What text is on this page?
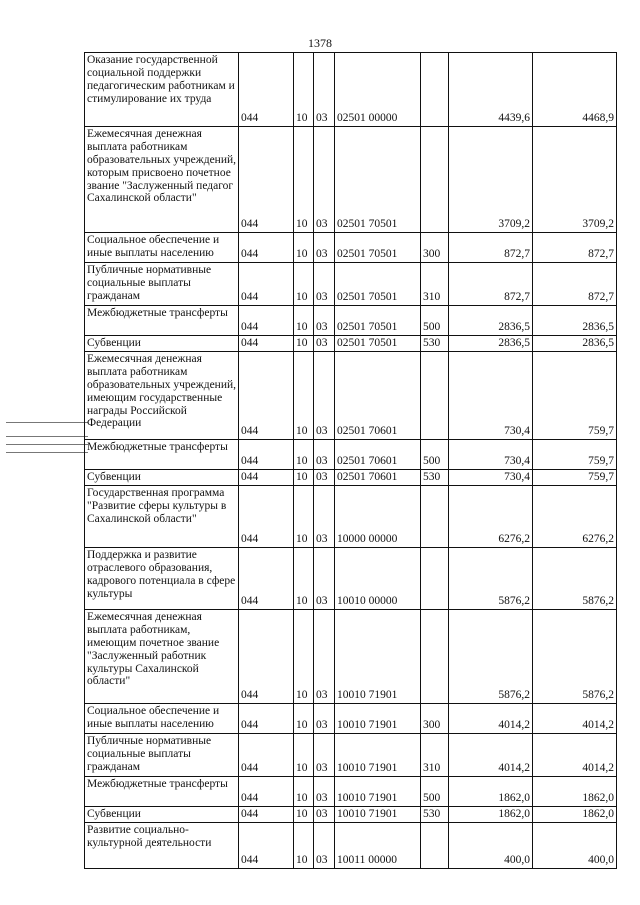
1378
Оказание государственной социальной поддержки педагогическим работникам и стимулирование их труда	044	10	03	02501 00000		4439,6	4468,9
Ежемесячная денежная выплата работникам образовательных учреждений, которым присвоено почетное звание "Заслуженный педагог Сахалинской области"	044	10	03	02501 70501		3709,2	3709,2
Социальное обеспечение и иные выплаты населению	044	10	03	02501 70501	300	872,7	872,7
Публичные нормативные социальные выплаты гражданам	044	10	03	02501 70501	310	872,7	872,7
Межбюджетные трансферты	044	10	03	02501 70501	500	2836,5	2836,5
Субвенции	044	10	03	02501 70501	530	2836,5	2836,5
Ежемесячная денежная выплата работникам образовательных учреждений, имеющим государственные награды Российской Федерации	044	10	03	02501 70601		730,4	759,7
Межбюджетные трансферты	044	10	03	02501 70601	500	730,4	759,7
Субвенции	044	10	03	02501 70601	530	730,4	759,7
Государственная программа "Развитие сферы культуры в Сахалинской области"	044	10	03	10000 00000		6276,2	6276,2
Поддержка и развитие отраслевого образования, кадрового потенциала в сфере культуры	044	10	03	10010 00000		5876,2	5876,2
Ежемесячная денежная выплата работникам, имеющим почетное звание "Заслуженный работник культуры Сахалинской области"	044	10	03	10010 71901		5876,2	5876,2
Социальное обеспечение и иные выплаты населению	044	10	03	10010 71901	300	4014,2	4014,2
Публичные нормативные социальные выплаты гражданам	044	10	03	10010 71901	310	4014,2	4014,2
Межбюджетные трансферты	044	10	03	10010 71901	500	1862,0	1862,0
Субвенции	044	10	03	10010 71901	530	1862,0	1862,0
Развитие социально-культурной деятельности	044	10	03	10011 00000		400,0	400,0
